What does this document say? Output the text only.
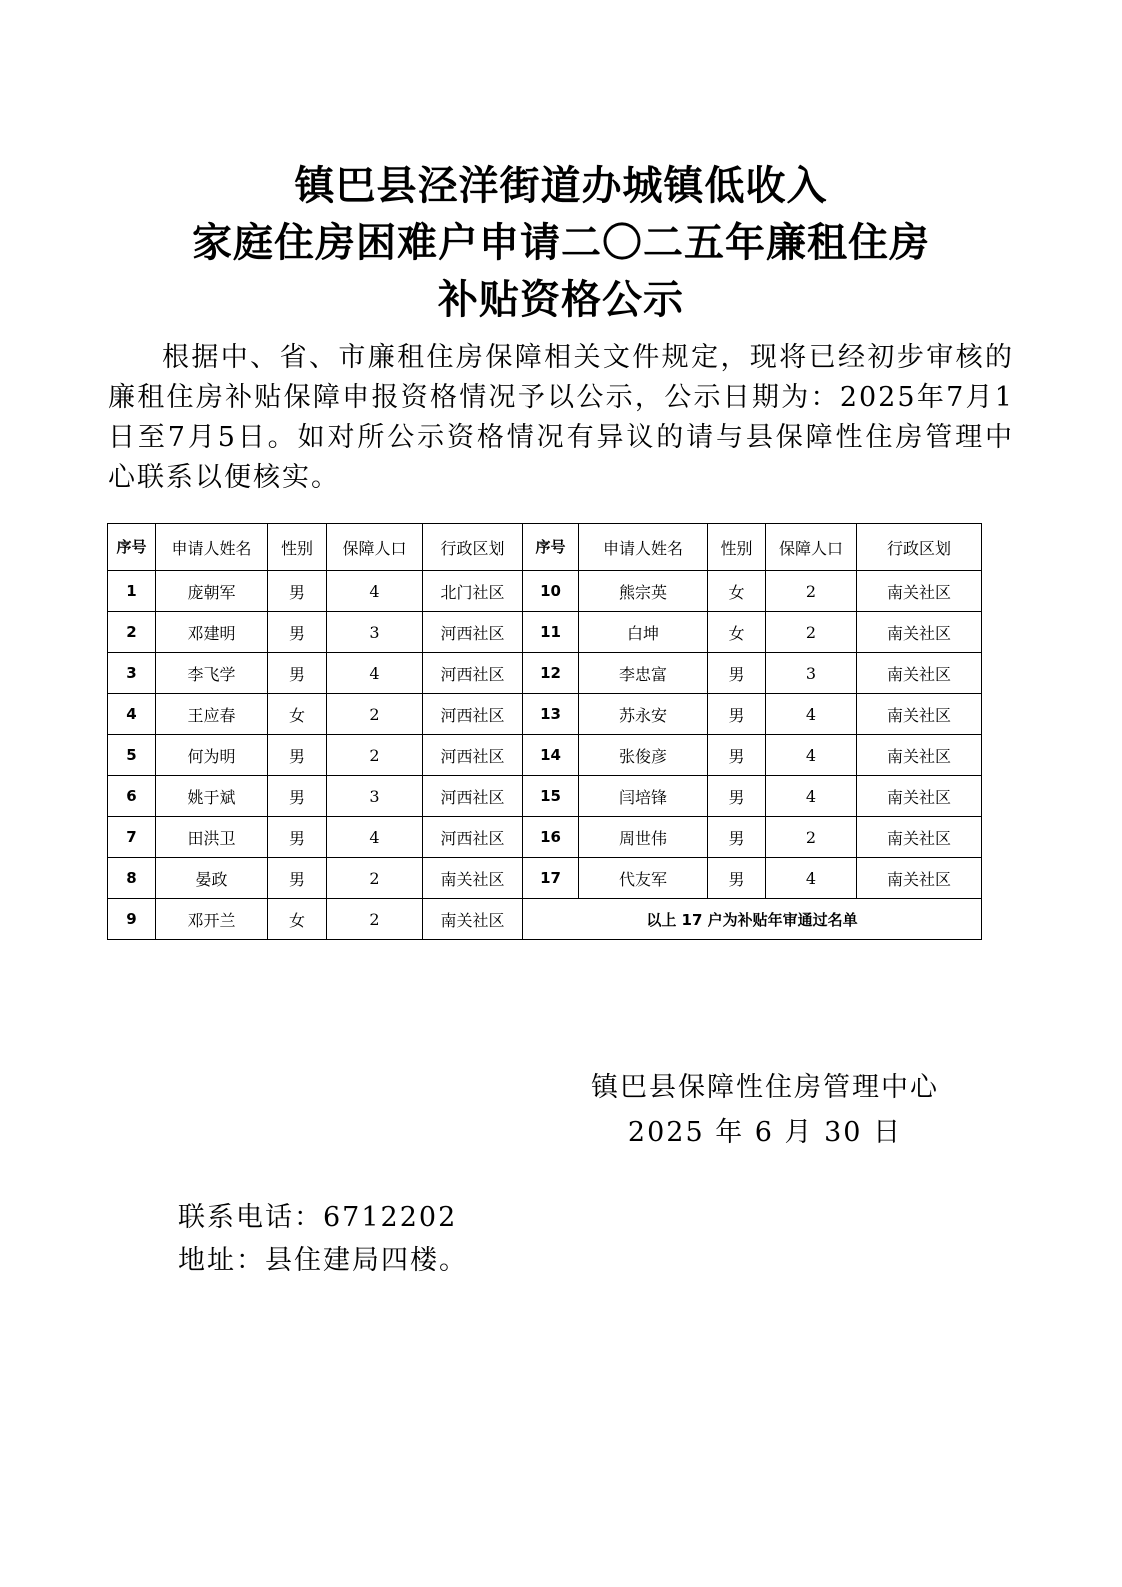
镇巴县泾洋街道办城镇低收入
家庭住房困难户申请二〇二五年廉租住房
补贴资格公示
根据中、省、市廉租住房保障相关文件规定，现将已经初步审核的廉租住房补贴保障申报资格情况予以公示，公示日期为：2025年7月1日至7月5日。如对所公示资格情况有异议的请与县保障性住房管理中心联系以便核实。
序号	申请人姓名	性别	保障人口	行政区划	序号	申请人姓名	性别	保障人口	行政区划
1	庞朝军	男	4	北门社区	10	熊宗英	女	2	南关社区
2	邓建明	男	3	河西社区	11	白坤	女	2	南关社区
3	李飞学	男	4	河西社区	12	李忠富	男	3	南关社区
4	王应春	女	2	河西社区	13	苏永安	男	4	南关社区
5	何为明	男	2	河西社区	14	张俊彦	男	4	南关社区
6	姚于斌	男	3	河西社区	15	闫培锋	男	4	南关社区
7	田洪卫	男	4	河西社区	16	周世伟	男	2	南关社区
8	晏政	男	2	南关社区	17	代友军	男	4	南关社区
9	邓开兰	女	2	南关社区	以上 17 户为补贴年审通过名单				
镇巴县保障性住房管理中心
2025 年 6 月 30 日
联系电话：6712202
地址：县住建局四楼。
